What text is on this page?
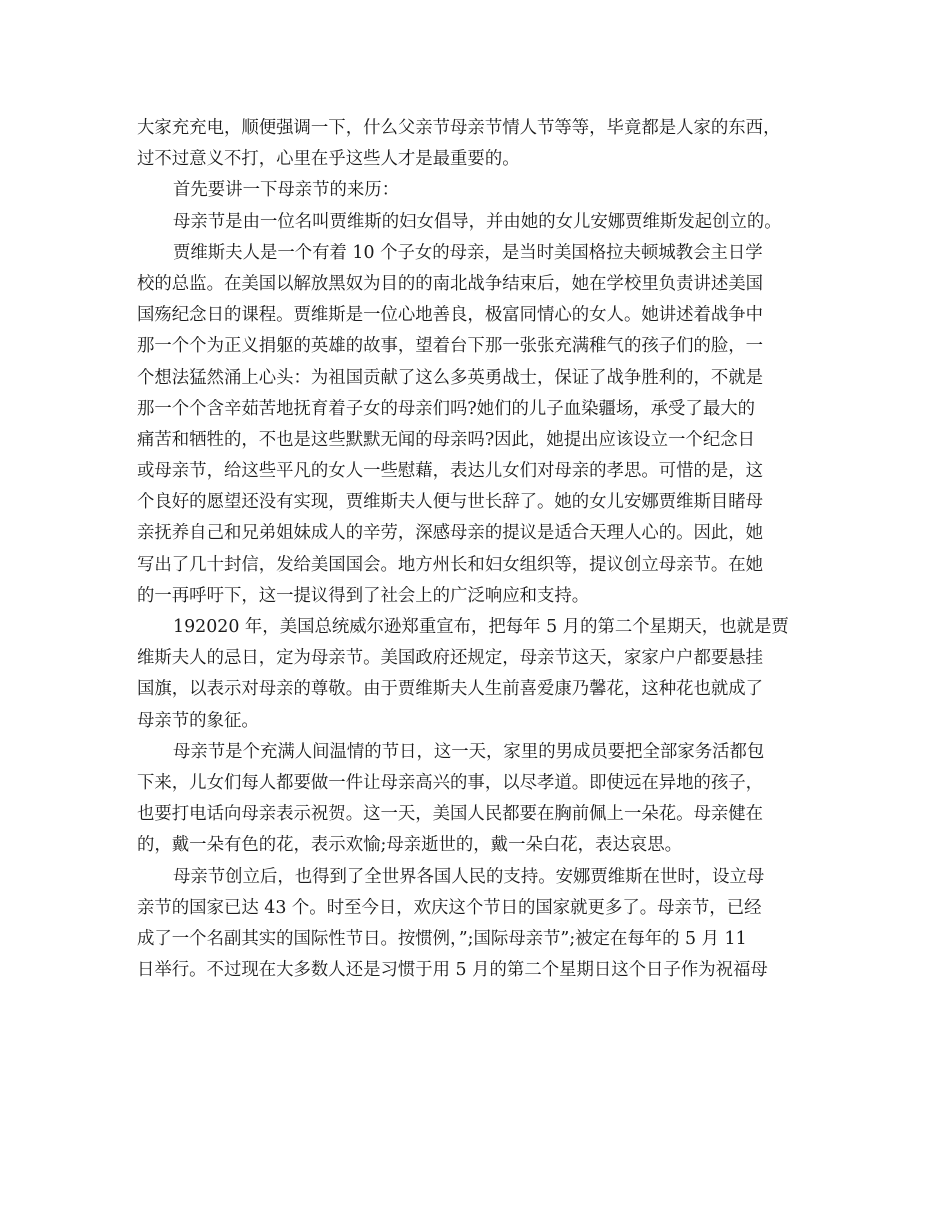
大家充充电，顺便强调一下，什么父亲节母亲节情人节等等，毕竟都是人家的东西，
过不过意义不打，心里在乎这些人才是最重要的。
首先要讲一下母亲节的来历：
母亲节是由一位名叫贾维斯的妇女倡导，并由她的女儿安娜贾维斯发起创立的。
贾维斯夫人是一个有着 10 个子女的母亲，是当时美国格拉夫顿城教会主日学
校的总监。在美国以解放黑奴为目的的南北战争结束后，她在学校里负责讲述美国
国殇纪念日的课程。贾维斯是一位心地善良，极富同情心的女人。她讲述着战争中
那一个个为正义捐躯的英雄的故事，望着台下那一张张充满稚气的孩子们的脸，一
个想法猛然涌上心头：为祖国贡献了这么多英勇战士，保证了战争胜利的，不就是
那一个个含辛茹苦地抚育着子女的母亲们吗?她们的儿子血染疆场，承受了最大的
痛苦和牺牲的，不也是这些默默无闻的母亲吗?因此，她提出应该设立一个纪念日
或母亲节，给这些平凡的女人一些慰藉，表达儿女们对母亲的孝思。可惜的是，这
个良好的愿望还没有实现，贾维斯夫人便与世长辞了。她的女儿安娜贾维斯目睹母
亲抚养自己和兄弟姐妹成人的辛劳，深感母亲的提议是适合天理人心的。因此，她
写出了几十封信，发给美国国会。地方州长和妇女组织等，提议创立母亲节。在她
的一再呼吁下，这一提议得到了社会上的广泛响应和支持。
192020 年，美国总统威尔逊郑重宣布，把每年 5 月的第二个星期天，也就是贾
维斯夫人的忌日，定为母亲节。美国政府还规定，母亲节这天，家家户户都要悬挂
国旗，以表示对母亲的尊敬。由于贾维斯夫人生前喜爱康乃馨花，这种花也就成了
母亲节的象征。
母亲节是个充满人间温情的节日，这一天，家里的男成员要把全部家务活都包
下来，儿女们每人都要做一件让母亲高兴的事，以尽孝道。即使远在异地的孩子，
也要打电话向母亲表示祝贺。这一天，美国人民都要在胸前佩上一朵花。母亲健在
的，戴一朵有色的花，表示欢愉;母亲逝世的，戴一朵白花，表达哀思。
母亲节创立后，也得到了全世界各国人民的支持。安娜贾维斯在世时，设立母
亲节的国家已达 43 个。时至今日，欢庆这个节日的国家就更多了。母亲节，已经
成了一个名副其实的国际性节日。按惯例，”;国际母亲节”;被定在每年的 5 月 11
日举行。不过现在大多数人还是习惯于用 5 月的第二个星期日这个日子作为祝福母
